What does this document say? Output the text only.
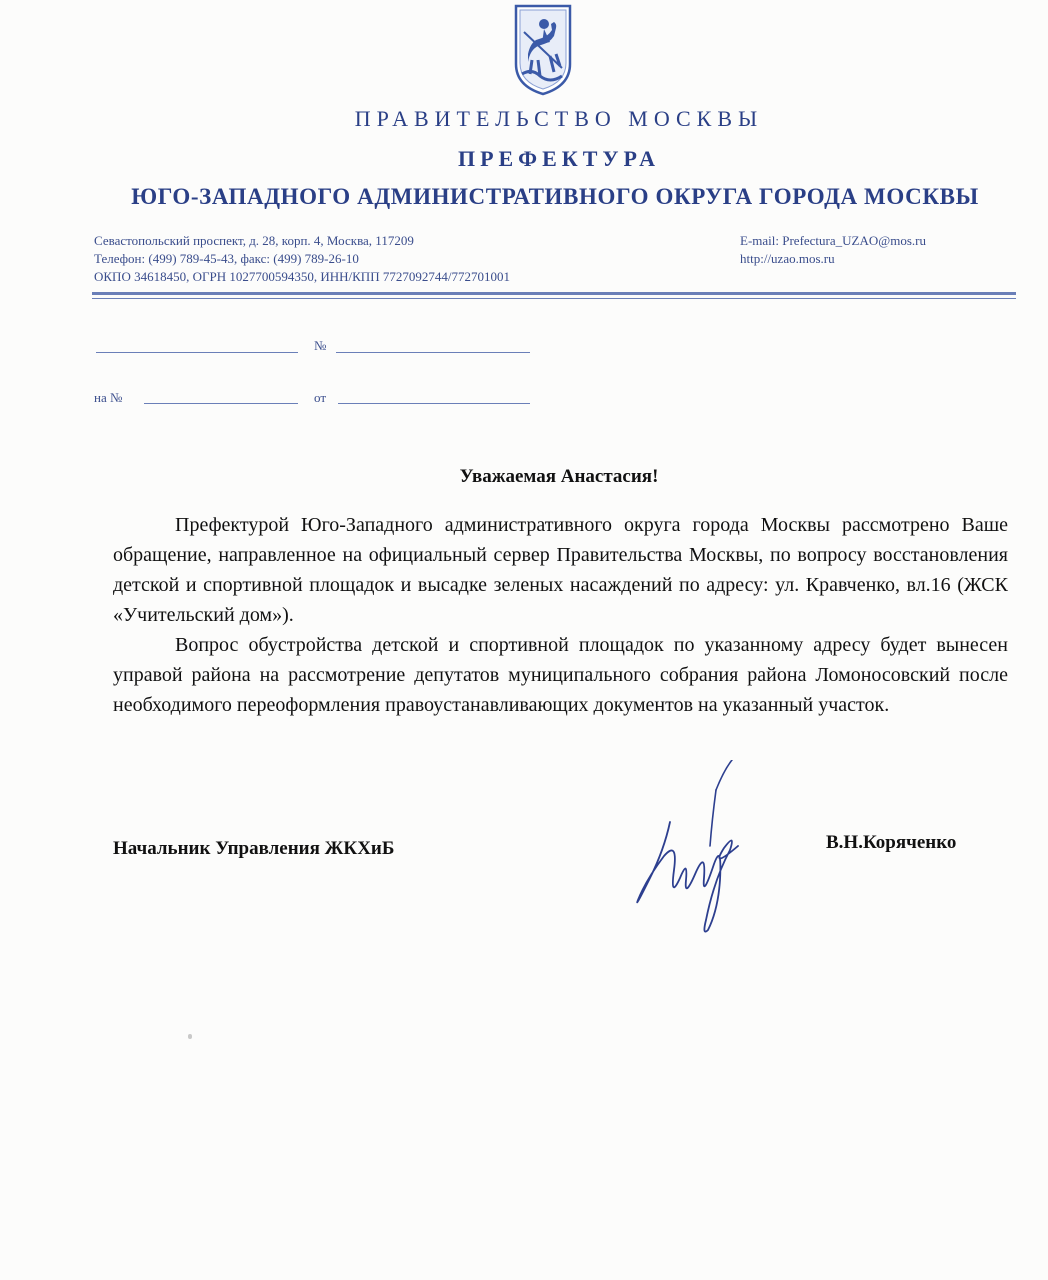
ПРАВИТЕЛЬСТВО МОСКВЫ
ПРЕФЕКТУРА
ЮГО-ЗАПАДНОГО АДМИНИСТРАТИВНОГО ОКРУГА ГОРОДА МОСКВЫ
Севастопольский проспект, д. 28, корп. 4, Москва, 117209
Телефон: (499) 789-45-43, факс: (499) 789-26-10
ОКПО 34618450, ОГРН 1027700594350, ИНН/КПП 7727092744/772701001
E-mail: Prefectura_UZAO@mos.ru
http://uzao.mos.ru
№
на №	от
Уважаемая Анастасия!

Префектурой Юго-Западного административного округа города Москвы рассмотрено Ваше обращение, направленное на официальный сервер Правительства Москвы, по вопросу восстановления детской и спортивной площадок и высадке зеленых насаждений по адресу: ул. Кравченко, вл.16 (ЖСК «Учительский дом»).

Вопрос обустройства детской и спортивной площадок по указанному адресу будет вынесен управой района на рассмотрение депутатов муниципального собрания района Ломоносовский после необходимого переоформления правоустанавливающих документов на указанный участок.

Начальник Управления ЖКХиБ	В.Н.Коряченко
